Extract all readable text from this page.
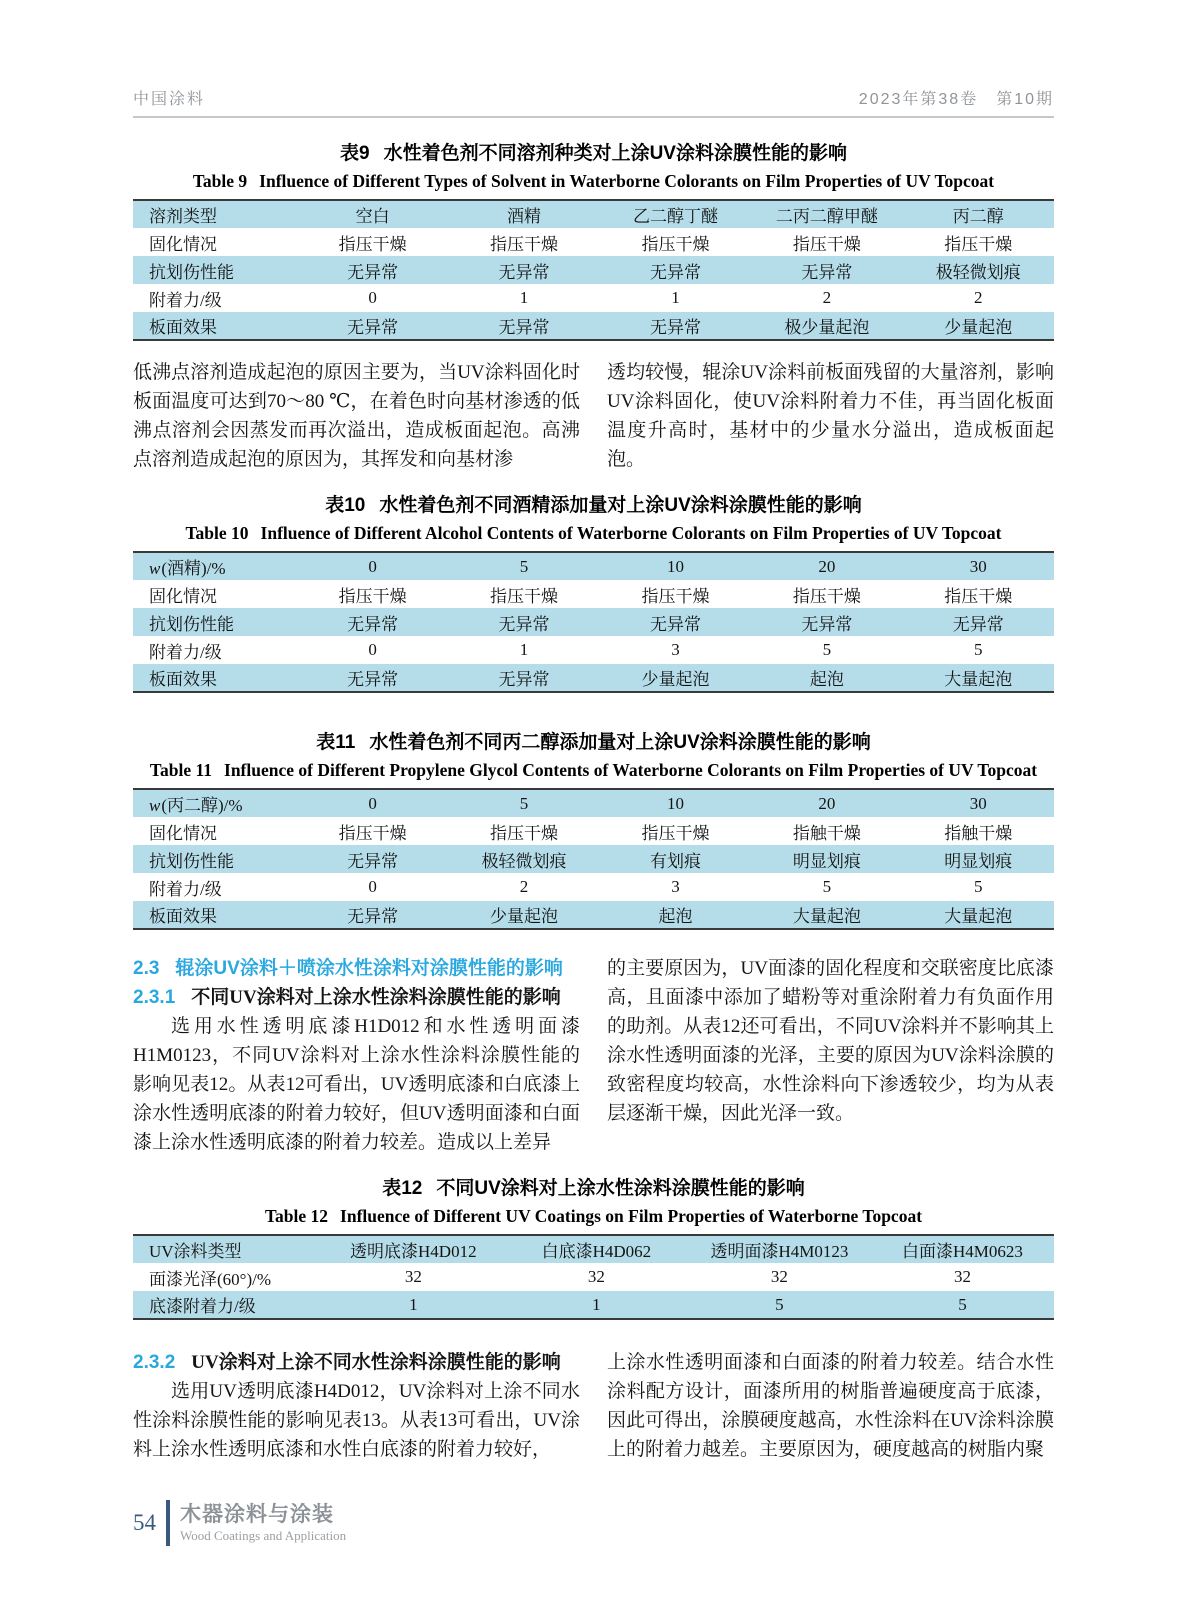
中国涂料	2023年第38卷　第10期
表9 水性着色剂不同溶剂种类对上涂UV涂料涂膜性能的影响
Table 9 Influence of Different Types of Solvent in Waterborne Colorants on Film Properties of UV Topcoat
溶剂类型	空白	酒精	乙二醇丁醚	二丙二醇甲醚	丙二醇
固化情况	指压干燥	指压干燥	指压干燥	指压干燥	指压干燥
抗划伤性能	无异常	无异常	无异常	无异常	极轻微划痕
附着力/级	0	1	1	2	2
板面效果	无异常	无异常	无异常	极少量起泡	少量起泡

低沸点溶剂造成起泡的原因主要为，当UV涂料固化时板面温度可达到70～80 ℃，在着色时向基材渗透的低沸点溶剂会因蒸发而再次溢出，造成板面起泡。高沸点溶剂造成起泡的原因为，其挥发和向基材渗

透均较慢，辊涂UV涂料前板面残留的大量溶剂，影响UV涂料固化，使UV涂料附着力不佳，再当固化板面温度升高时，基材中的少量水分溢出，造成板面起泡。

表10 水性着色剂不同酒精添加量对上涂UV涂料涂膜性能的影响
Table 10 Influence of Different Alcohol Contents of Waterborne Colorants on Film Properties of UV Topcoat
w(酒精)/%	0	5	10	20	30
固化情况	指压干燥	指压干燥	指压干燥	指压干燥	指压干燥
抗划伤性能	无异常	无异常	无异常	无异常	无异常
附着力/级	0	1	3	5	5
板面效果	无异常	无异常	少量起泡	起泡	大量起泡
表11 水性着色剂不同丙二醇添加量对上涂UV涂料涂膜性能的影响
Table 11 Influence of Different Propylene Glycol Contents of Waterborne Colorants on Film Properties of UV Topcoat
w(丙二醇)/%	0	5	10	20	30
固化情况	指压干燥	指压干燥	指压干燥	指触干燥	指触干燥
抗划伤性能	无异常	极轻微划痕	有划痕	明显划痕	明显划痕
附着力/级	0	2	3	5	5
板面效果	无异常	少量起泡	起泡	大量起泡	大量起泡
2.3 辊涂UV涂料＋喷涂水性涂料对涂膜性能的影响
2.3.1 不同UV涂料对上涂水性涂料涂膜性能的影响

选用水性透明底漆H1D012和水性透明面漆H1M0123，不同UV涂料对上涂水性涂料涂膜性能的影响见表12。从表12可看出，UV透明底漆和白底漆上涂水性透明底漆的附着力较好，但UV透明面漆和白面漆上涂水性透明底漆的附着力较差。造成以上差异

的主要原因为，UV面漆的固化程度和交联密度比底漆高，且面漆中添加了蜡粉等对重涂附着力有负面作用的助剂。从表12还可看出，不同UV涂料并不影响其上涂水性透明面漆的光泽，主要的原因为UV涂料涂膜的致密程度均较高，水性涂料向下渗透较少，均为从表层逐渐干燥，因此光泽一致。

表12 不同UV涂料对上涂水性涂料涂膜性能的影响
Table 12 Influence of Different UV Coatings on Film Properties of Waterborne Topcoat
UV涂料类型	透明底漆H4D012	白底漆H4D062	透明面漆H4M0123	白面漆H4M0623
面漆光泽(60°)/%	32	32	32	32
底漆附着力/级	1	1	5	5
2.3.2 UV涂料对上涂不同水性涂料涂膜性能的影响

选用UV透明底漆H4D012，UV涂料对上涂不同水性涂料涂膜性能的影响见表13。从表13可看出，UV涂料上涂水性透明底漆和水性白底漆的附着力较好，

上涂水性透明面漆和白面漆的附着力较差。结合水性涂料配方设计，面漆所用的树脂普遍硬度高于底漆，因此可得出，涂膜硬度越高，水性涂料在UV涂料涂膜上的附着力越差。主要原因为，硬度越高的树脂内聚

54 木器涂料与涂装
Wood Coatings and Application
